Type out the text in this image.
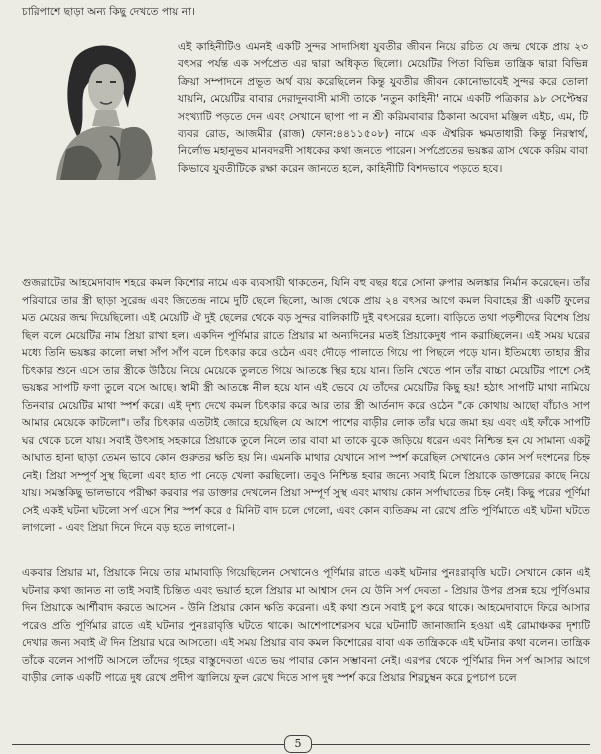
চারিপাশে ছাড়া অন্য কিছু দেখতে পায় না।

এই কাহিনীটিও এমনই একটি সুন্দর সাদাসিধা যুবতীর জীবন নিয়ে রচিত যে জন্ম থেকে প্রায় ২৩ বৎসর পর্যন্ত এক সর্পপ্রেত এর দ্বারা অধিকৃত ছিলো। মেয়েটির পিতা বিভিন্ন তান্ত্রিক দ্বারা বিভিন্ন ক্রিয়া সম্পাদনে প্রভূত অর্থ ব্যয় করেছিলেন কিন্তু যুবতীর জীবন কোনোভাবেই সুন্দর করে তোলা যায়নি, মেয়েটির বাবার দেরাদুনবাসী মাসী তাকে 'নতুন কাহিনী' নামে একটি পত্রিকার ৯৮ সেপ্টেম্বর সংখ্যাটি পড়তে দেন এবং সেখানে ছাপা পা ন শ্রী করিমবাবার ঠিকানা অবেদা মঞ্জিল এইচ, এম, টি ব্যবর রোড, আজমীর (রাজ) ফোন:৪৪১১৫০৮) নামে এক ঐশ্বরিক ক্ষমতাধারী কিন্তু নিরস্বার্থ, নির্লোভ মহানুভব মানবদরদী সাধকের কথা জনতে পারেন। সর্পপ্রেতের ভয়ঙ্কর ত্রাস থেকে করিম বাবা কিভাবে যুবতীটিকে রক্ষা করেন জানতে হলে, কাহিনীটি বিশদভাবে পড়তে হবে।

গুজরাটের আহমেদাবাদ শহরে কমল কিশোর নামে এক ব্যবসায়ী থাকতেন, যিনি বহু বছর ধরে সোনা রুপার অলঙ্কার নির্মান করেছেন। তাঁর পরিবারে তার স্ত্রী ছাড়া সুরেন্দ্র এবং জিতেন্দ্র নামে দুটি ছেলে ছিলো, আজ থেকে প্রায় ২৪ বৎসর আগে কমল বিবাহের স্ত্রী একটি ফুলের মত মেয়ের জন্ম দিয়েছিলো। এই মেয়েটি ঐ দুই ছেলের থেকে বড় সুন্দর বালিকাটি দুই বৎসরের হলো। বাড়িতে তথা পড়শীদের বিশেষ প্রিয় ছিল বলে মেয়েটির নাম প্রিয়া রাখা হল। একদিন পূর্ণিমার রাতে প্রিয়ার মা অন্যদিনের মতই প্রিয়াকেদুধ পান করাচ্ছিলেন। এই সময় ঘরের মধ্যে তিনি ভয়ঙ্কর কালো লম্বা সাঁপ সাঁপ বলে চিৎকার করে ওঠেন এবং দৌড়ে পালাতে গিয়ে পা পিছলে পড়ে যান। ইতিমধ্যে তাহার স্ত্রীর চিৎকার শুনে এসে তার স্ত্রীকে উঠিয়ে নিয়ে মেয়েকে তুলতে গিয়ে আতঙ্কে স্থির হয়ে যান। তিনি খেতে পান তাঁর বাচ্চা মেয়েটির পাশে সেই ভয়ঙ্কর সাপটি ফণা তুলে বসে আছে। স্বামী স্ত্রী আতঙ্কে নীল হয়ে যান এই ভেবে যে তাঁদের মেয়েটির কিছু হয়! হঠাৎ সাপটি মাথা নামিয়ে তিনবার মেয়েটির মাথা স্পর্শ করে। এই দৃশ্য দেখে কমল চিৎকার করে আর তার স্ত্রী আর্তনাদ করে ওঠেন "কে কোথায় আছো বাঁচাও সাপ আমার মেয়েকে কাটলো"। তাঁর চিৎকার এতটাই জোরে হয়েছিল যে আশে পাশের বাড়ীর লোক তাঁর ঘরে জমা হয় এবং এই ফাঁকে সাপটি ঘর থেকে চলে যায়। সবাই উৎসাহ সহকারে প্রিয়াকে তুলে নিলে তার বাবা মা তাকে বুকে জড়িয়ে ধরেন এবং নিশ্চিন্ত হন যে সামান্য একটু আঘাত হানা ছাড়া তেমন ভাবে কোন গুরুতর ক্ষতি হয় নি। এমনকি মাথার যেখানে সাপ স্পর্শ করেছিল সেখানেও কোন সর্প দংশনের চিহ্ন নেই। প্রিয়া সম্পূর্ণ সুস্থ ছিলো এবং হাত পা নেড়ে খেলা করছিলো। তবুও নিশ্চিন্ত হবার জন্যে সবাই মিলে প্রিয়াকে ডাক্তারের কাছে নিয়ে যায়। সমস্তকিছু ভালভাবে পরীক্ষা করবার পর ডাক্তার দেখলেন প্রিয়া সম্পূর্ণ সুস্থ এবং মাথায় কোন সর্পাঘাতের চিহ্ন নেই। কিছু পরের পূর্ণিমা সেই একই ঘটনা ঘটলো সর্প এসে শির স্পর্শ করে ৫ মিনিট বাদ চলে গেলো, এবং কোন ব্যতিক্রম না রেখে প্রতি পূর্ণিমাতে এই ঘটনা ঘটতে লাগলো - এবং প্রিয়া দিনে দিনে বড় হতে লাগলো-।

একবার প্রিয়ার মা, প্রিয়াকে নিয়ে তার মামাবাড়ি গিয়েছিলেন সেখানেও পূর্ণিমার রাতে একই ঘটনার পুনঃরাবৃত্তি ঘটে। সেখানে কোন এই ঘটনার কথা জানত না তাই সবাই চিন্তিত এবং ভয়ার্ত হলে প্রিয়ার মা আশ্বাস দেন যে উনি সর্প দেবতা - প্রিয়ার উপর প্রসন্ন হয়ে পূর্ণিওমার দিন প্রিয়াকে আর্শীবাদ করতে আসেন - উনি প্রিয়ার কোন ক্ষতি করেনা। এই কথা শুনে সবাই চুপ করে থাকে। আহমেদাবাদে ফিরে আসার পরেও প্রতি পূর্ণিমার রাতে এই ঘটনার পুনঃরাবৃত্তি ঘটতে থাকে। আশেপাশেরসব ঘরে ঘটনাটি জানাজানি হওয়া এই রোমাঞ্চকর দৃশ্যটি দেখার জন্য সবাই ঐ দিন প্রিয়ার ঘরে আসতো। এই সময় প্রিয়ার বাব কমল কিশোরের বাবা এক তান্ত্রিককে এই ঘটনার কথা বলেন। তান্ত্রিক তাঁকে বলেন সাপটি আসলে তাঁদের গৃহের বাস্তুদেবতা এতে ভয় পাবার কোন সম্ভাবনা নেই। এরপর থেকে পূর্ণিমার দিন সর্প আসার আগে বাড়ীর লোক একটি পাত্রে দুধ রেখে প্রদীপ জ্বালিয়ে ফুল রেখে দিতে সাপ দুধ স্পর্শ করে প্রিয়ার শিরচুম্বন করে চুপচাপ চলে

5
